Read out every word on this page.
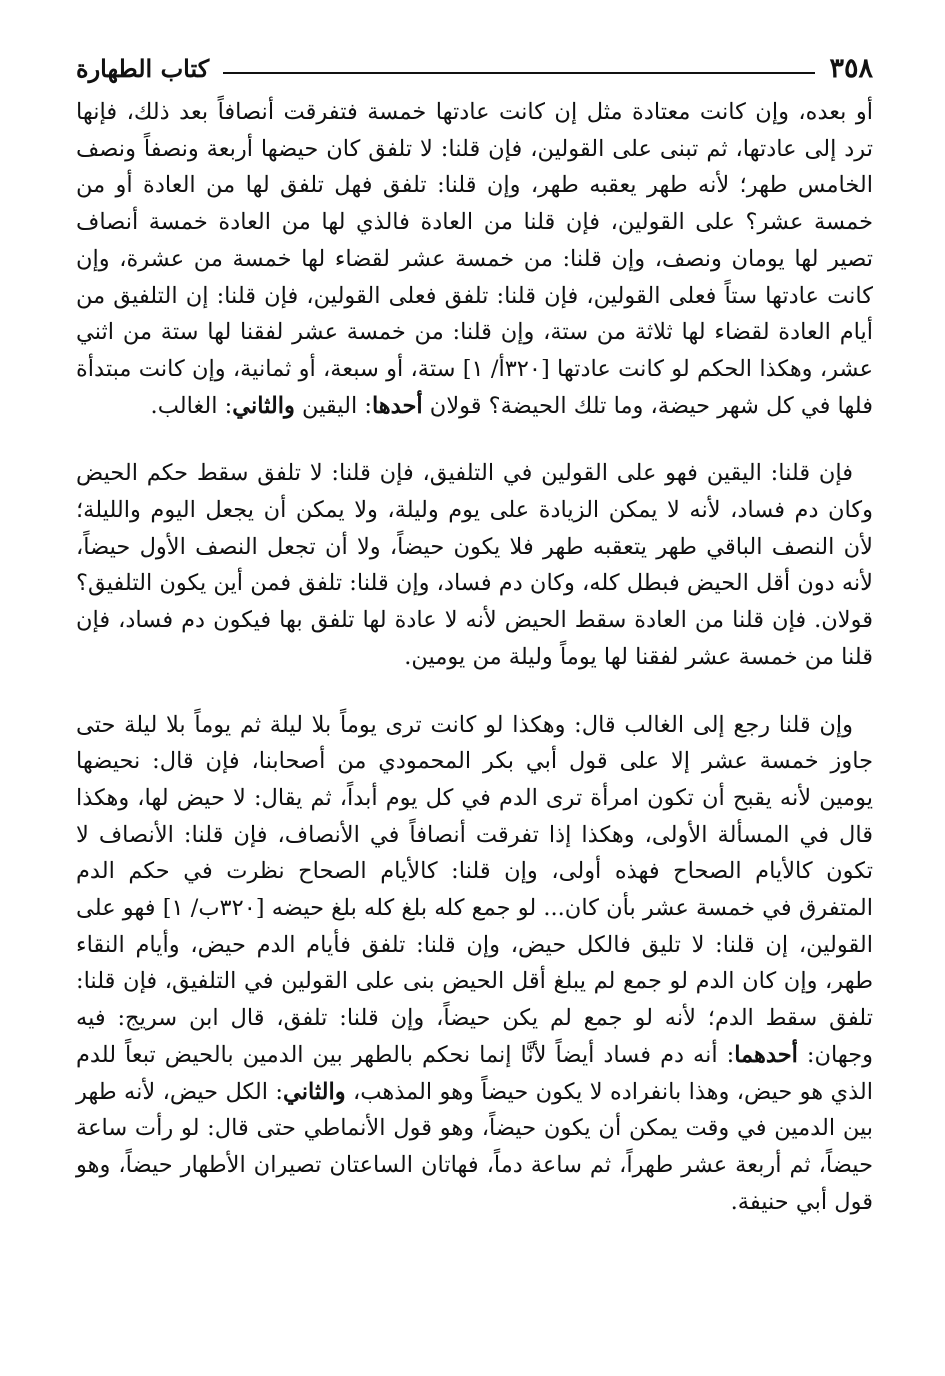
٣٥٨
كتاب الطهارة

أو بعده، وإن كانت معتادة مثل إن كانت عادتها خمسة فتفرقت أنصافاً بعد ذلك، فإنها ترد إلى عادتها، ثم تبنى على القولين، فإن قلنا: لا تلفق كان حيضها أربعة ونصفاً ونصف الخامس طهر؛ لأنه طهر يعقبه طهر، وإن قلنا: تلفق فهل تلفق لها من العادة أو من خمسة عشر؟ على القولين، فإن قلنا من العادة فالذي لها من العادة خمسة أنصاف تصير لها يومان ونصف، وإن قلنا: من خمسة عشر لقضاء لها خمسة من عشرة، وإن كانت عادتها ستاً فعلى القولين، فإن قلنا: تلفق فعلى القولين، فإن قلنا: إن التلفيق من أيام العادة لقضاء لها ثلاثة من ستة، وإن قلنا: من خمسة عشر لفقنا لها ستة من اثني عشر، وهكذا الحكم لو كانت عادتها [٣٢٠أ/ ١] ستة، أو سبعة، أو ثمانية، وإن كانت مبتدأة فلها في كل شهر حيضة، وما تلك الحيضة؟ قولان أحدها: اليقين والثاني: الغالب.

فإن قلنا: اليقين فهو على القولين في التلفيق، فإن قلنا: لا تلفق سقط حكم الحيض وكان دم فساد، لأنه لا يمكن الزيادة على يوم وليلة، ولا يمكن أن يجعل اليوم والليلة؛ لأن النصف الباقي طهر يتعقبه طهر فلا يكون حيضاً، ولا أن تجعل النصف الأول حيضاً، لأنه دون أقل الحيض فبطل كله، وكان دم فساد، وإن قلنا: تلفق فمن أين يكون التلفيق؟ قولان. فإن قلنا من العادة سقط الحيض لأنه لا عادة لها تلفق بها فيكون دم فساد، فإن قلنا من خمسة عشر لفقنا لها يوماً وليلة من يومين.

وإن قلنا رجع إلى الغالب قال: وهكذا لو كانت ترى يوماً بلا ليلة ثم يوماً بلا ليلة حتى جاوز خمسة عشر إلا على قول أبي بكر المحمودي من أصحابنا، فإن قال: نحيضها يومين لأنه يقبح أن تكون امرأة ترى الدم في كل يوم أبداً، ثم يقال: لا حيض لها، وهكذا قال في المسألة الأولى، وهكذا إذا تفرقت أنصافاً في الأنصاف، فإن قلنا: الأنصاف لا تكون كالأيام الصحاح فهذه أولى، وإن قلنا: كالأيام الصحاح نظرت في حكم الدم المتفرق في خمسة عشر بأن كان... لو جمع كله بلغ كله بلغ حيضه [٣٢٠ب/ ١] فهو على القولين، إن قلنا: لا تليق فالكل حيض، وإن قلنا: تلفق فأيام الدم حيض، وأيام النقاء طهر، وإن كان الدم لو جمع لم يبلغ أقل الحيض بنى على القولين في التلفيق، فإن قلنا: تلفق سقط الدم؛ لأنه لو جمع لم يكن حيضاً، وإن قلنا: تلفق، قال ابن سريج: فيه وجهان: أحدهما: أنه دم فساد أيضاً لأنَّا إنما نحكم بالطهر بين الدمين بالحيض تبعاً للدم الذي هو حيض، وهذا بانفراده لا يكون حيضاً وهو المذهب، والثاني: الكل حيض، لأنه طهر بين الدمين في وقت يمكن أن يكون حيضاً، وهو قول الأنماطي حتى قال: لو رأت ساعة حيضاً، ثم أربعة عشر طهراً، ثم ساعة دماً، فهاتان الساعتان تصيران الأطهار حيضاً، وهو قول أبي حنيفة.
